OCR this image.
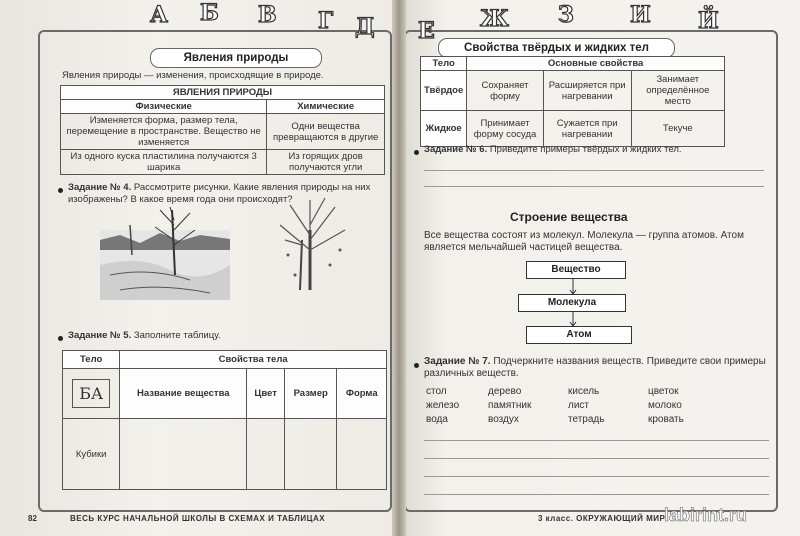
А Б В Г Д
Явления природы
Явления природы — изменения, происходящие в природе.
ЯВЛЕНИЯ ПРИРОДЫ	
Физические	Химические
Изменяется форма, размер тела, перемещение в пространстве. Вещество не изменяется	Одни вещества превращаются в другие
Из одного куска пластилина получаются 3 шарика	Из горящих дров получаются угли
Задание № 4. Рассмотрите рисунки. Какие явления природы на них изображены? В какое время года они происходят?
Задание № 5. Заполните таблицу.
Тело	Свойства тела			
БА	Название вещества	Цвет	Размер	Форма
Кубики				
82	ВЕСЬ КУРС НАЧАЛЬНОЙ ШКОЛЫ В СХЕМАХ И ТАБЛИЦАХ
Е Ж З	И Й
Свойства твёрдых и жидких тел
Тело	Основные свойства		
Твёрдое	Сохраняет форму	Расширяется при нагревании	Занимает определённое место
Жидкое	Принимает форму сосуда	Сужается при нагревании	Текуче
Задание № 6. Приведите примеры твёрдых и жидких тел.
Строение вещества
Все вещества состоят из молекул. Молекула — группа атомов. Атом является мельчайшей частицей вещества.
Вещество
Молекула
Атом
Задание № 7. Подчеркните названия веществ. Приведите свои примеры различных веществ.
стол	дерево	кисель	цветок
железо	памятник	лист	молоко
вода	воздух	тетрадь	кровать
3 класс. ОКРУЖАЮЩИЙ МИР
labirint.ru
